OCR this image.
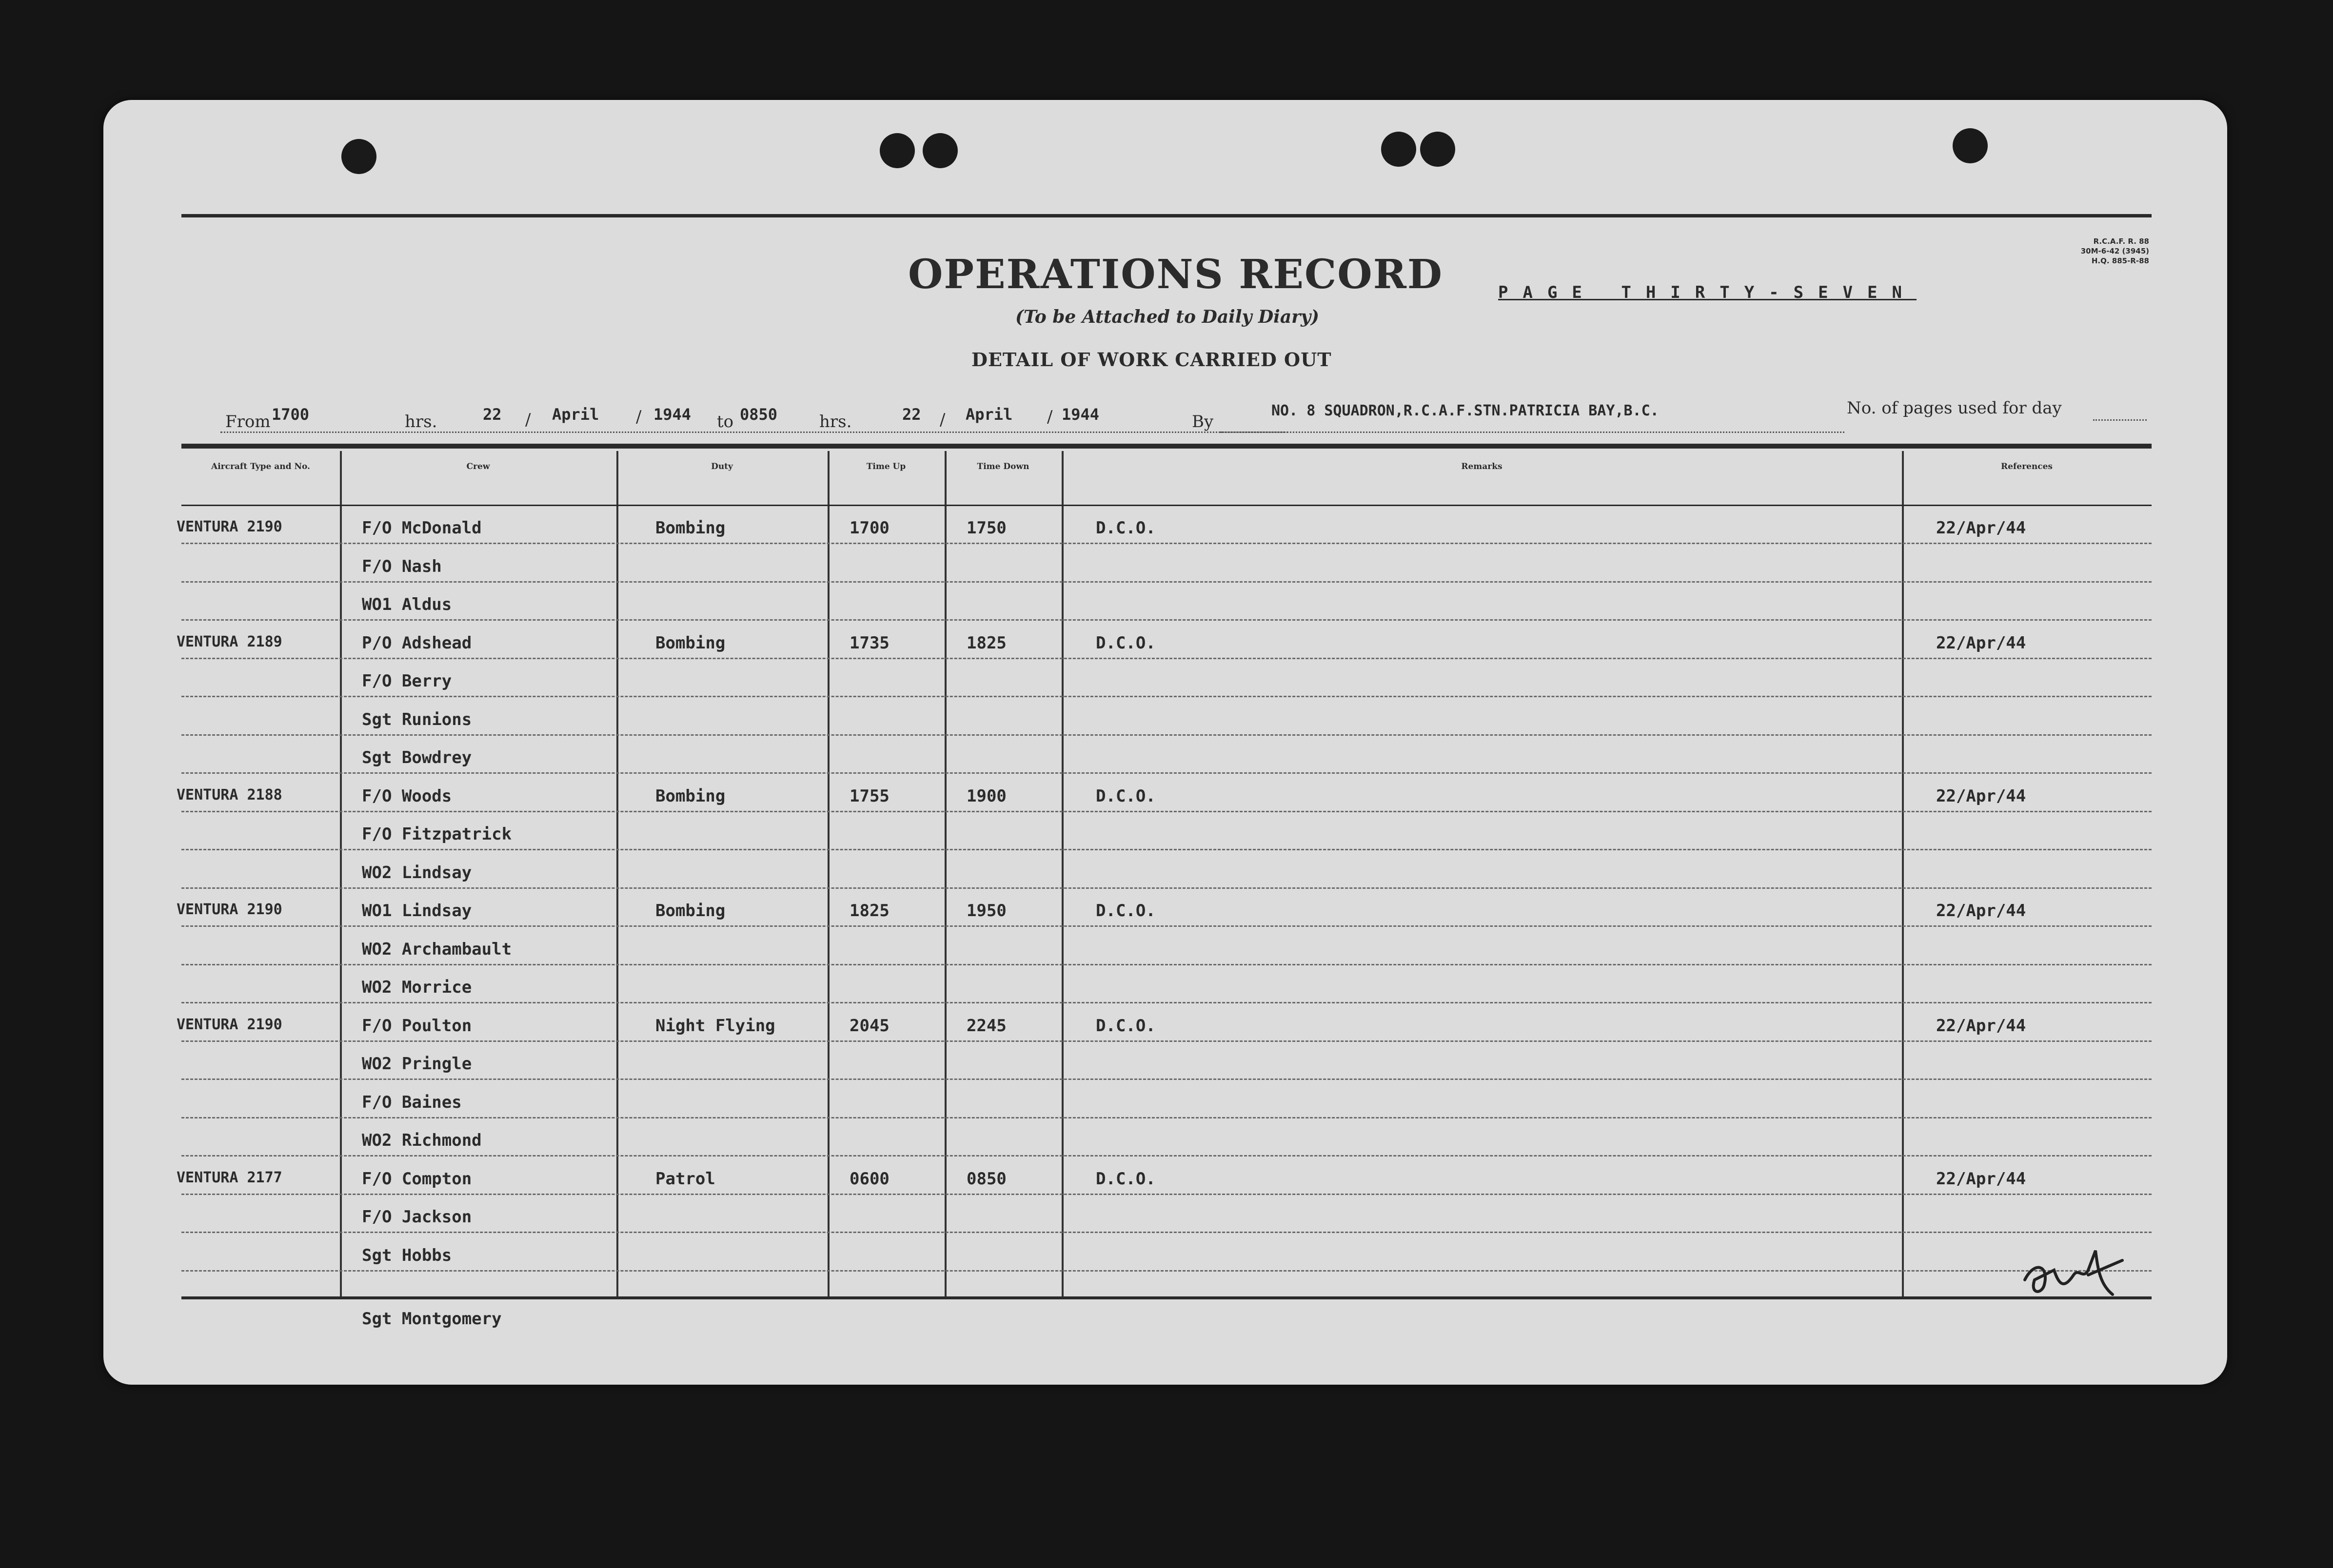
OPERATIONS RECORD
(To be Attached to Daily Diary)
DETAIL OF WORK CARRIED OUT
PAGE THIRTY-SEVEN
R.C.A.F. R. 88
30M-6-42 (3945)
H.Q. 885-R-88
From 1700	hrs.	22 / April / 1944 to 0850	hrs.	22 / April / 1944	By
NO. 8 SQUADRON,R.C.A.F.STN.PATRICIA BAY,B.C.	No. of pages used for day
Aircraft Type and No.	Crew	Duty	Time Up	Time Down	Remarks	References
VENTURA 2190	F/O McDonald	Bombing	1700	1750	D.C.O.	22/Apr/44
F/O Nash
WO1 Aldus
VENTURA 2189	P/O Adshead	Bombing	1735	1825	D.C.O.	22/Apr/44
F/O Berry
Sgt Runions
Sgt Bowdrey
VENTURA 2188	F/O Woods	Bombing	1755	1900	D.C.O.	22/Apr/44
F/O Fitzpatrick
WO2 Lindsay
VENTURA 2190	WO1 Lindsay	Bombing	1825	1950	D.C.O.	22/Apr/44
WO2 Archambault
WO2 Morrice
VENTURA 2190	F/O Poulton	Night Flying	2045	2245	D.C.O.	22/Apr/44
WO2 Pringle
F/O Baines
WO2 Richmond
VENTURA 2177	F/O Compton	Patrol	0600	0850	D.C.O.	22/Apr/44
F/O Jackson
Sgt Hobbs
Sgt Montgomery
